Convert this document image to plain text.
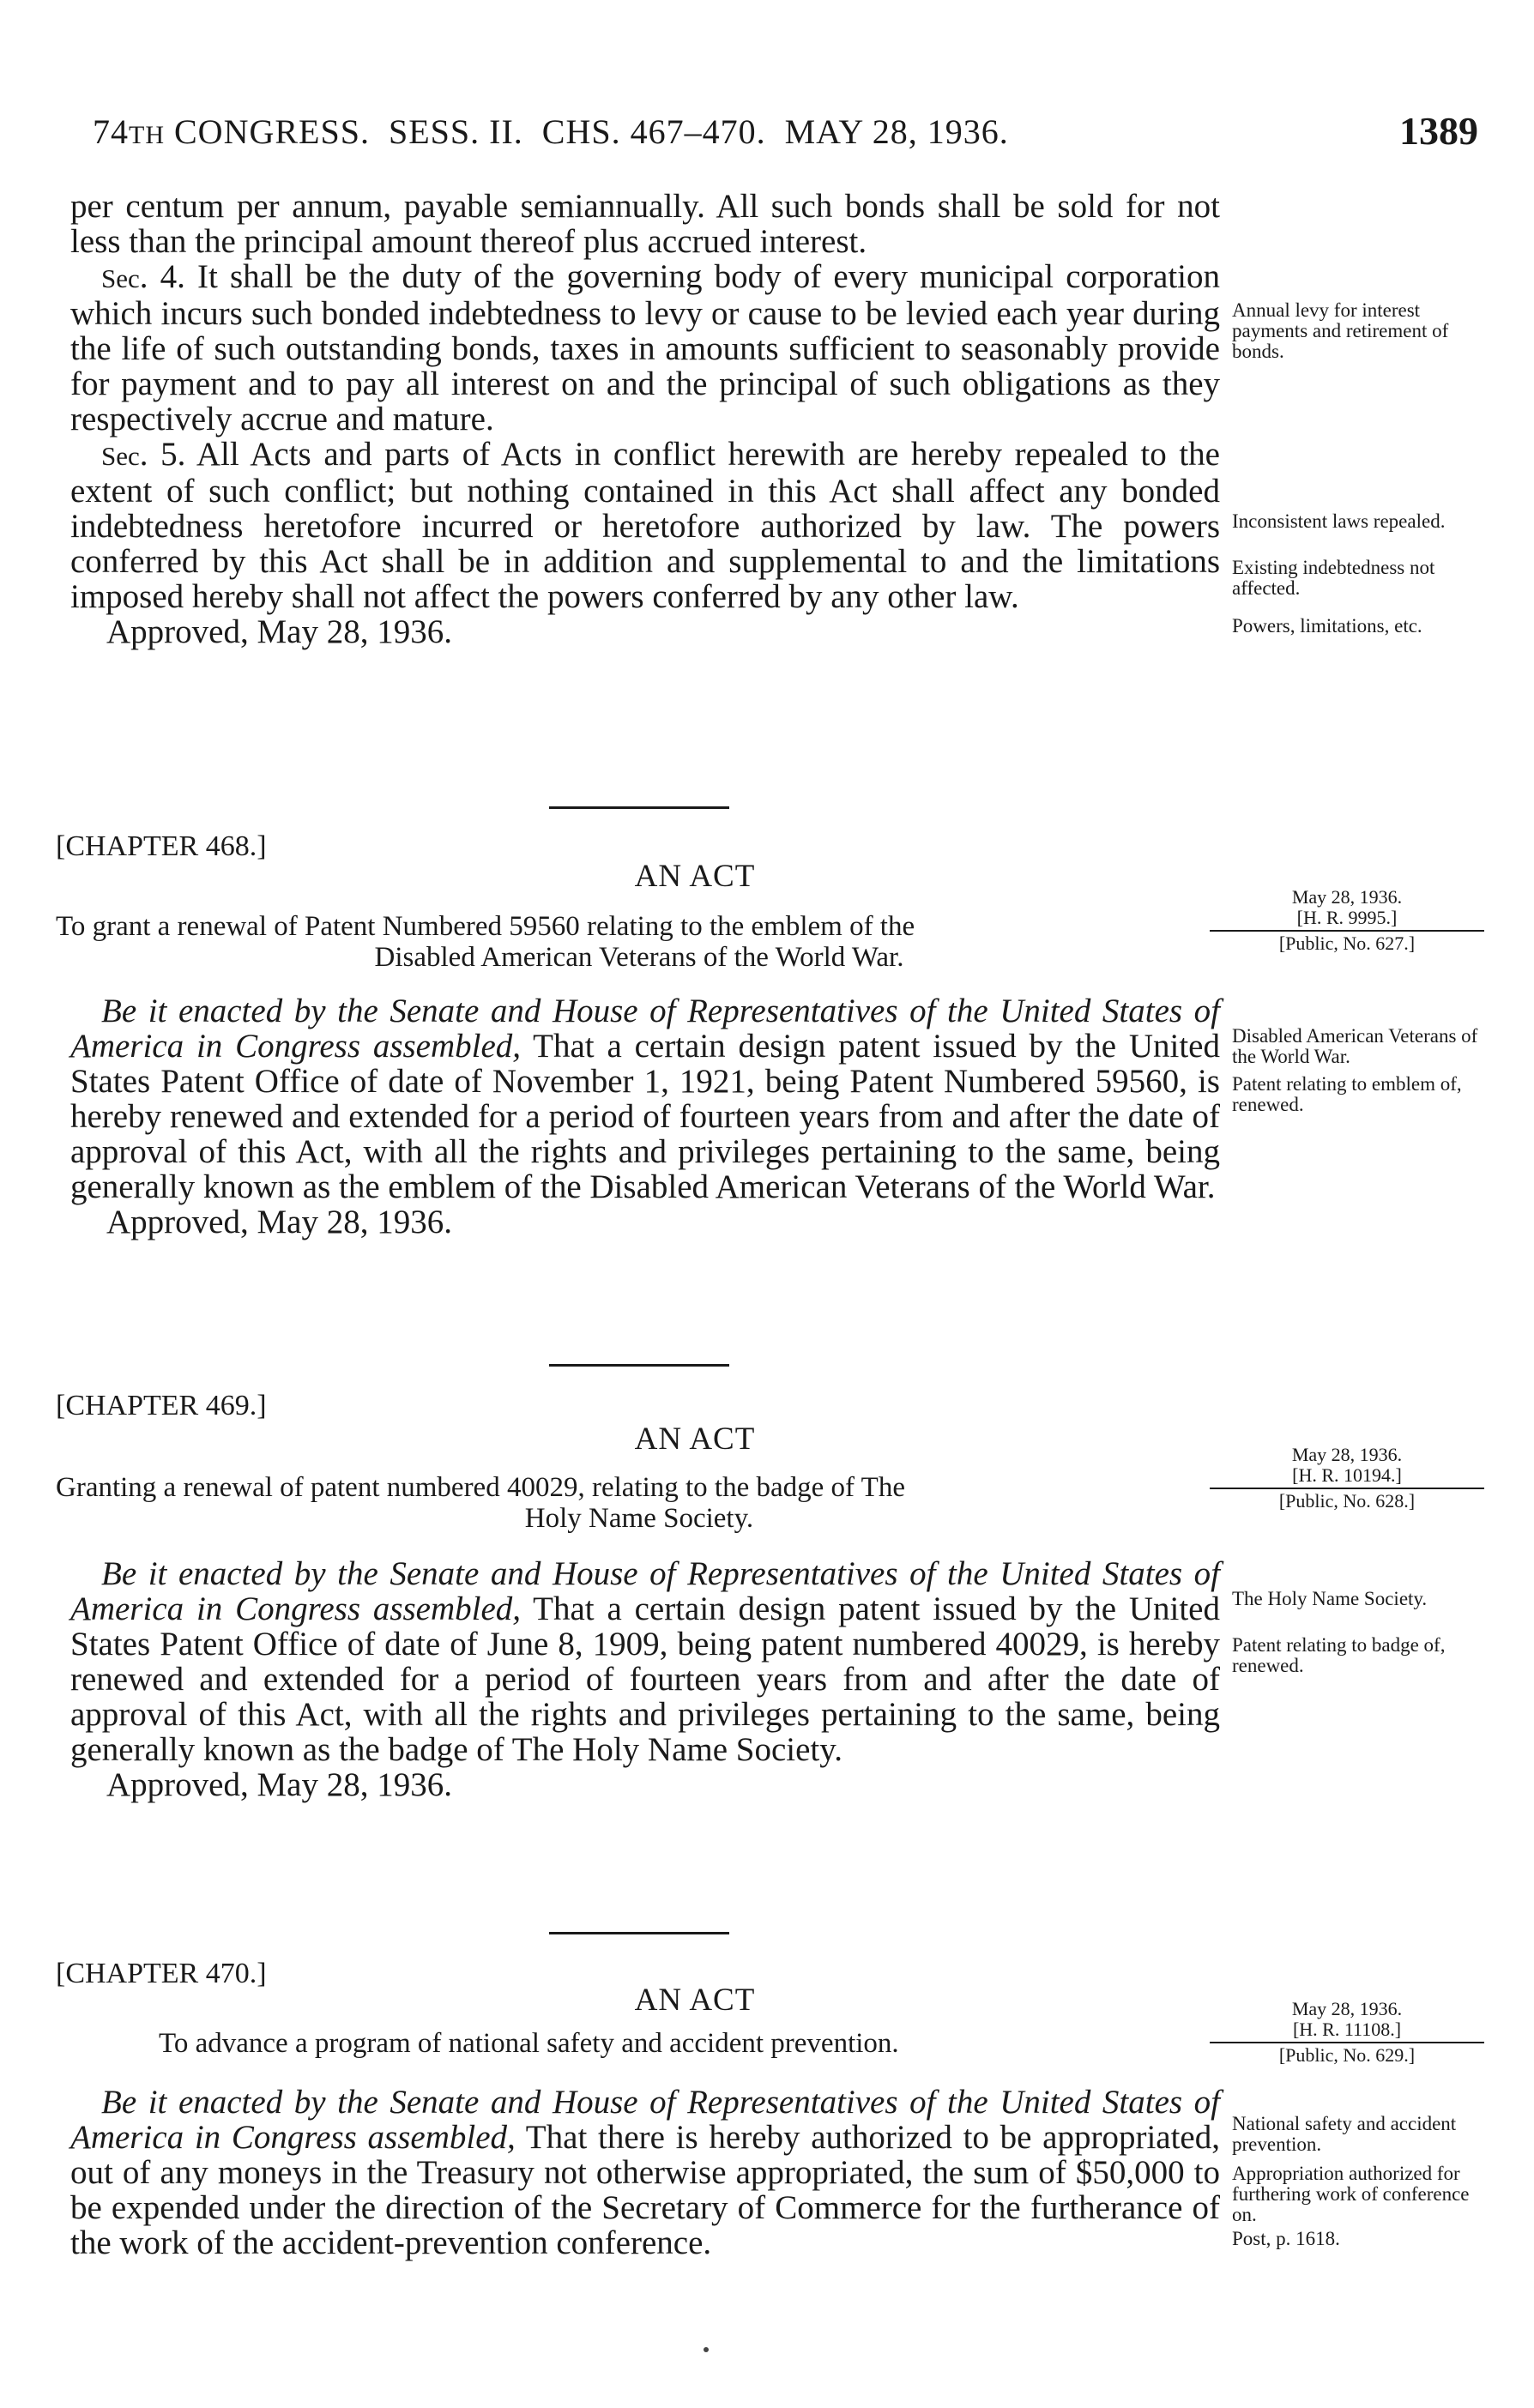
74TH CONGRESS.  SESS. II.  CHS. 467–470.  MAY 28, 1936.	1389

per centum per annum, payable semiannually. All such bonds shall be sold for not less than the principal amount thereof plus accrued interest.

Sec. 4. It shall be the duty of the governing body of every municipal corporation which incurs such bonded indebtedness to levy or cause to be levied each year during the life of such outstanding bonds, taxes in amounts sufficient to seasonably provide for payment and to pay all interest on and the principal of such obligations as they respectively accrue and mature.

Sec. 5. All Acts and parts of Acts in conflict herewith are hereby repealed to the extent of such conflict; but nothing contained in this Act shall affect any bonded indebtedness heretofore incurred or heretofore authorized by law. The powers conferred by this Act shall be in addition and supplemental to and the limitations imposed hereby shall not affect the powers conferred by any other law.

Approved, May 28, 1936.

Annual levy for interest payments and retirement of bonds.
Inconsistent laws repealed.
Existing indebtedness not affected.
Powers, limitations, etc.
[CHAPTER 468.]
AN ACT
To grant a renewal of Patent Numbered 59560 relating to the emblem of the
Disabled American Veterans of the World War.
May 28, 1936.
[H. R. 9995.]
[Public, No. 627.]

Be it enacted by the Senate and House of Representatives of the United States of America in Congress assembled, That a certain design patent issued by the United States Patent Office of date of November 1, 1921, being Patent Numbered 59560, is hereby renewed and extended for a period of fourteen years from and after the date of approval of this Act, with all the rights and privileges pertaining to the same, being generally known as the emblem of the Disabled American Veterans of the World War.

Approved, May 28, 1936.

Disabled American Veterans of the World War.
Patent relating to emblem of, renewed.
[CHAPTER 469.]
AN ACT
Granting a renewal of patent numbered 40029, relating to the badge of The
Holy Name Society.
May 28, 1936.
[H. R. 10194.]
[Public, No. 628.]

Be it enacted by the Senate and House of Representatives of the United States of America in Congress assembled, That a certain design patent issued by the United States Patent Office of date of June 8, 1909, being patent numbered 40029, is hereby renewed and extended for a period of fourteen years from and after the date of approval of this Act, with all the rights and privileges pertaining to the same, being generally known as the badge of The Holy Name Society.

Approved, May 28, 1936.

The Holy Name Society.
Patent relating to badge of, renewed.
[CHAPTER 470.]
AN ACT
To advance a program of national safety and accident prevention.
May 28, 1936.
[H. R. 11108.]
[Public, No. 629.]

Be it enacted by the Senate and House of Representatives of the United States of America in Congress assembled, That there is hereby authorized to be appropriated, out of any moneys in the Treasury not otherwise appropriated, the sum of $50,000 to be expended under the direction of the Secretary of Commerce for the furtherance of the work of the accident-prevention conference.

National safety and accident prevention.
Appropriation authorized for furthering work of conference on.
Post, p. 1618.
